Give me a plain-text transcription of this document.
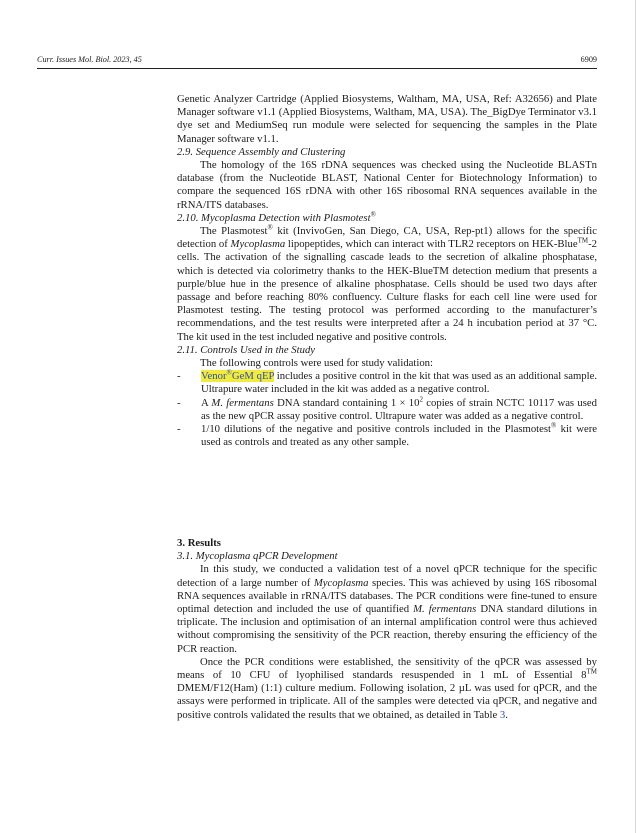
Curr. Issues Mol. Biol. 2023, 45	6909

Genetic Analyzer Cartridge (Applied Biosystems, Waltham, MA, USA, Ref: A32656) and Plate Manager software v1.1 (Applied Biosystems, Waltham, MA, USA). The_BigDye Terminator v3.1 dye set and MediumSeq run module were selected for sequencing the samples in the Plate Manager software v1.1.

2.9. Sequence Assembly and Clustering

The homology of the 16S rDNA sequences was checked using the Nucleotide BLASTn database (from the Nucleotide BLAST, National Center for Biotechnology Information) to compare the sequenced 16S rDNA with other 16S ribosomal RNA sequences available in the rRNA/ITS databases.

2.10. Mycoplasma Detection with Plasmotest®

The Plasmotest® kit (InvivoGen, San Diego, CA, USA, Rep-pt1) allows for the specific detection of Mycoplasma lipopeptides, which can interact with TLR2 receptors on HEK-Blue™-2 cells. The activation of the signalling cascade leads to the secretion of alkaline phosphatase, which is detected via colorimetry thanks to the HEK-BlueTM detection medium that presents a purple/blue hue in the presence of alkaline phosphatase. Cells should be used two days after passage and before reaching 80% confluency. Culture flasks for each cell line were used for Plasmotest testing. The testing protocol was performed according to the manufacturer’s recommendations, and the test results were interpreted after a 24 h incubation period at 37 °C. The kit used in the test included negative and positive controls.

2.11. Controls Used in the Study

The following controls were used for study validation:

- Venor®GeM qEP includes a positive control in the kit that was used as an additional sample. Ultrapure water included in the kit was added as a negative control.
- A M. fermentans DNA standard containing $1 \times 10^2$ copies of strain NCTC 10117 was used as the new qPCR assay positive control. Ultrapure water was added as a negative control.
- 1/10 dilutions of the negative and positive controls included in the Plasmotest® kit were used as controls and treated as any other sample.

3. Results

3.1. Mycoplasma qPCR Development

In this study, we conducted a validation test of a novel qPCR technique for the specific detection of a large number of Mycoplasma species. This was achieved by using 16S ribosomal RNA sequences available in rRNA/ITS databases. The PCR conditions were fine-tuned to ensure optimal detection and included the use of quantified M. fermentans DNA standard dilutions in triplicate. The inclusion and optimisation of an internal amplification control were thus achieved without compromising the sensitivity of the PCR reaction, thereby ensuring the efficiency of the PCR reaction.

Once the PCR conditions were established, the sensitivity of the qPCR was assessed by means of 10 CFU of lyophilised standards resuspended in 1 mL of Essential 8™ DMEM/F12(Ham) (1:1) culture medium. Following isolation, 2 µL was used for qPCR, and the assays were performed in triplicate. All of the samples were detected via qPCR, and negative and positive controls validated the results that we obtained, as detailed in Table 3.
